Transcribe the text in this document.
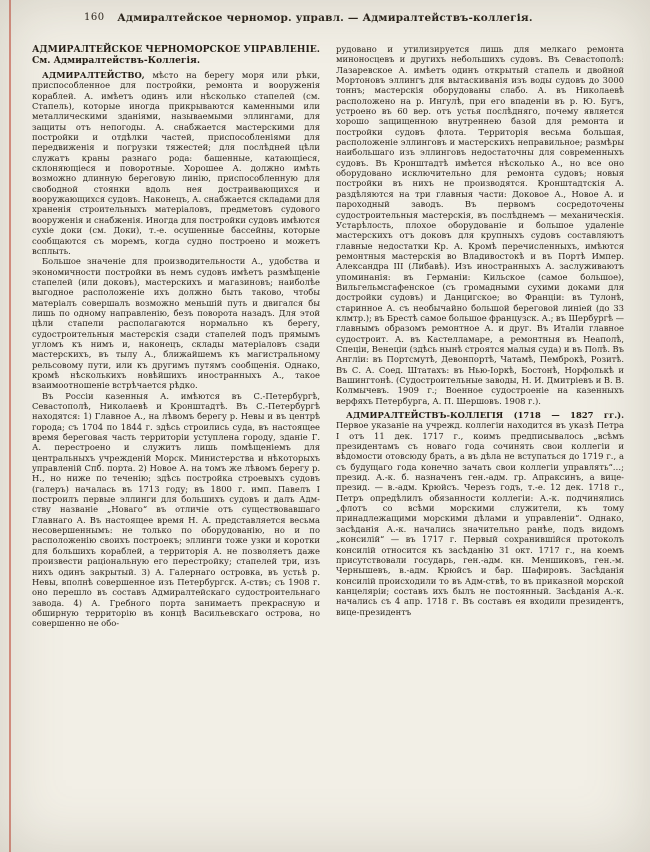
160	Адмиралтейское черномор. управл. — Адмиралтействъ-коллегія.

АДМИРАЛТЕЙСКОЕ ЧЕРНОМОРСКОЕ УПРАВЛЕНІЕ. См. Адмиралтействъ-Коллегія.

АДМИРАЛТЕЙСТВО, мѣсто на берегу моря или рѣки, приспособленное для постройки, ремонта и вооруженія кораблей. А. имѣетъ одинъ или нѣсколько стапелей (см. Стапель), которые иногда прикрываются каменными или металлическими зданіями, называемыми эллингами, для защиты отъ непогоды. А. снабжается мастерскими для постройки и отдѣлки частей, приспособленіями для передвиженія и погрузки тяжестей; для послѣдней цѣли служатъ краны разнаго рода: башенные, катающіеся, склоняющіеся и поворотные. Хорошее А. должно имѣть возможно длинную береговую линію, приспособленную для свободной стоянки вдоль нея достраивающихся и вооружающихся судовъ. Наконецъ, А. снабжается складами для храненія строительныхъ матеріаловъ, предметовъ судового вооруженія и снабженія. Иногда для постройки судовъ имѣются сухіе доки (см. Доки), т.-е. осушенные бассейны, которые сообщаются съ моремъ, когда судно построено и можетъ всплыть.

Большое значеніе для производительности А., удобства и экономичности постройки въ немъ судовъ имѣетъ размѣщеніе стапелей (или доковъ), мастерскихъ и магазиновъ; наиболѣе выгодное расположеніе ихъ должно быть таково, чтобы матеріалъ совершалъ возможно меньшій путь и двигался бы лишь по одному направленію, безъ поворота назадъ. Для этой цѣли стапели располагаются нормально къ берегу, судостроительныя мастерскія сзади стапелей подъ прямымъ угломъ къ нимъ и, наконецъ, склады матеріаловъ сзади мастерскихъ, въ тылу А., ближайшемъ къ магистральному рельсовому пути, или къ другимъ путямъ сообщенія. Однако, кромѣ нѣсколькихъ новѣйшихъ иностранныхъ А., такое взаимоотношеніе встрѣчается рѣдко.

Въ Россіи казенныя А. имѣются въ С.-Петербургѣ, Севастополѣ, Николаевѣ и Кронштадтѣ. Въ С.-Петербургѣ находятся: 1) Главное А., на лѣвомъ берегу р. Невы и въ центрѣ города; съ 1704 по 1844 г. здѣсь строились суда, въ настоящее время береговая часть территоріи уступлена городу, зданіе Г. А. перестроено и служитъ лишь помѣщеніемъ для центральныхъ учрежденій Морск. Министерства и нѣкоторыхъ управленій Спб. порта. 2) Новое А. на томъ же лѣвомъ берегу р. Н., но ниже по теченію; здѣсь постройка строевыхъ судовъ (галеръ) началась въ 1713 году; въ 1800 г. имп. Павелъ I построилъ первые эллинги для большихъ судовъ и далъ Адм-ству названіе „Новаго“ въ отличіе отъ существовавшаго Главнаго А. Въ настоящее время Н. А. представляется весьма несовершеннымъ: не только по оборудованію, но и по расположенію своихъ построекъ; эллинги тоже узки и коротки для большихъ кораблей, а территорія А. не позволяетъ даже произвести раціональную его перестройку; стапелей три, изъ нихъ одинъ закрытый. 3) А. Галернаго островка, въ устьѣ р. Невы, вполнѣ совершенное изъ Петербургск. А-ствъ; съ 1908 г. оно перешло въ составъ Адмиралтейскаго судостроительнаго завода. 4) А. Гребного порта занимаетъ прекрасную и обширную территорію въ концѣ Васильевскаго острова, но совершенно не обо-

рудовано и утилизируется лишь для мелкаго ремонта миноносцевъ и другихъ небольшихъ судовъ. Въ Севастополѣ: Лазаревское А. имѣетъ одинъ открытый стапель и двойной Мортоновъ эллингъ для вытаскиванія изъ воды судовъ до 3000 тоннъ; мастерскія оборудованы слабо. А. въ Николаевѣ расположено на р. Ингулѣ, при его впаденіи въ р. Ю. Бугъ, устроено въ 60 вер. отъ устья послѣдняго, почему является хорошо защищенною внутреннею базой для ремонта и постройки судовъ флота. Территорія весьма большая, расположеніе эллинговъ и мастерскихъ неправильное; размѣры наибольшаго изъ эллинговъ недостаточны для современныхъ судовъ. Въ Кронштадтѣ имѣется нѣсколько А., но все оно оборудовано исключительно для ремонта судовъ; новыя постройки въ нихъ не производятся. Кронштадтскія А. раздѣляются на три главныя части: Доковое А., Новое А. и пароходный заводъ. Въ первомъ сосредоточены судостроительныя мастерскія, въ послѣднемъ — механическія. Устарѣлость, плохое оборудованіе и большое удаленіе мастерскихъ отъ доковъ для крупныхъ судовъ составляютъ главные недостатки Кр. А. Кромѣ перечисленныхъ, имѣются ремонтныя мастерскія во Владивостокѣ и въ Портѣ Импер. Александра III (Либавѣ). Изъ иностранныхъ А. заслуживаютъ упоминанія: въ Германіи: Кильское (самое большое), Вильгельмсгафенское (съ громадными сухими доками для достройки судовъ) и Данцигское; во Франціи: въ Тулонѣ, старинное А. съ необычайно большой береговой линіей (до 33 клмтр.); въ Брестѣ самое большое французск. А.; въ Шербургѣ — главнымъ образомъ ремонтное А. и друг. Въ Италіи главное судостроит. А. въ Кастелламаре, а ремонтныя въ Неаполѣ, Спеціи, Венеціи (здѣсь нынѣ строятся малыя суда) и въ Полѣ. Въ Англіи: въ Портсмутѣ, Девонпортѣ, Чатамѣ, Пемброкѣ, Розитѣ. Въ С. А. Соед. Штатахъ: въ Нью-Іоркѣ, Бостонѣ, Норфолькѣ и Вашингтонѣ. (Судостроительные заводы, Н. И. Дмитріевъ и В. В. Колмычевъ. 1909 г.; Военное судостроеніе на казенныхъ верфяхъ Петербурга, А. П. Шершовъ. 1908 г.).

АДМИРАЛТЕЙСТВЪ-КОЛЛЕГІЯ (1718 — 1827 гг.). Первое указаніе на учрежд. коллегіи находится въ указѣ Петра I отъ 11 дек. 1717 г., коимъ предписывалось „всѣмъ президентамъ съ новаго года сочинять свои коллегіи и вѣдомости отовсюду брать, а въ дѣла не вступаться до 1719 г., а съ будущаго года конечно зачать свои коллегіи управлять“…; презид. А.-к. б. назначенъ ген.-адм. гр. Апраксинъ, а вице-презид. — в.-адм. Крюйсъ. Черезъ годъ, т.-е. 12 дек. 1718 г., Петръ опредѣлилъ обязанности коллегіи: А.-к. подчинялись „флотъ со всѣми морскими служители, къ тому принадлежащими морскими дѣлами и управленіи“. Однако, засѣданія А.-к. начались значительно ранѣе, подъ видомъ „консилій“ — въ 1717 г. Первый сохранившійся протоколъ консилій относится къ засѣданію 31 окт. 1717 г., на коемъ присутствовали государь, ген.-адм. кн. Меншиковъ, ген.-м. Чернышевъ, в.-адм. Крюйсъ и бар. Шафировъ. Засѣданія консилій происходили то въ Адм-ствѣ, то въ приказной морской канцеляріи; составъ ихъ былъ не постоянный. Засѣданія А.-к. начались съ 4 апр. 1718 г. Въ составъ ея входили президентъ, вице-президентъ
